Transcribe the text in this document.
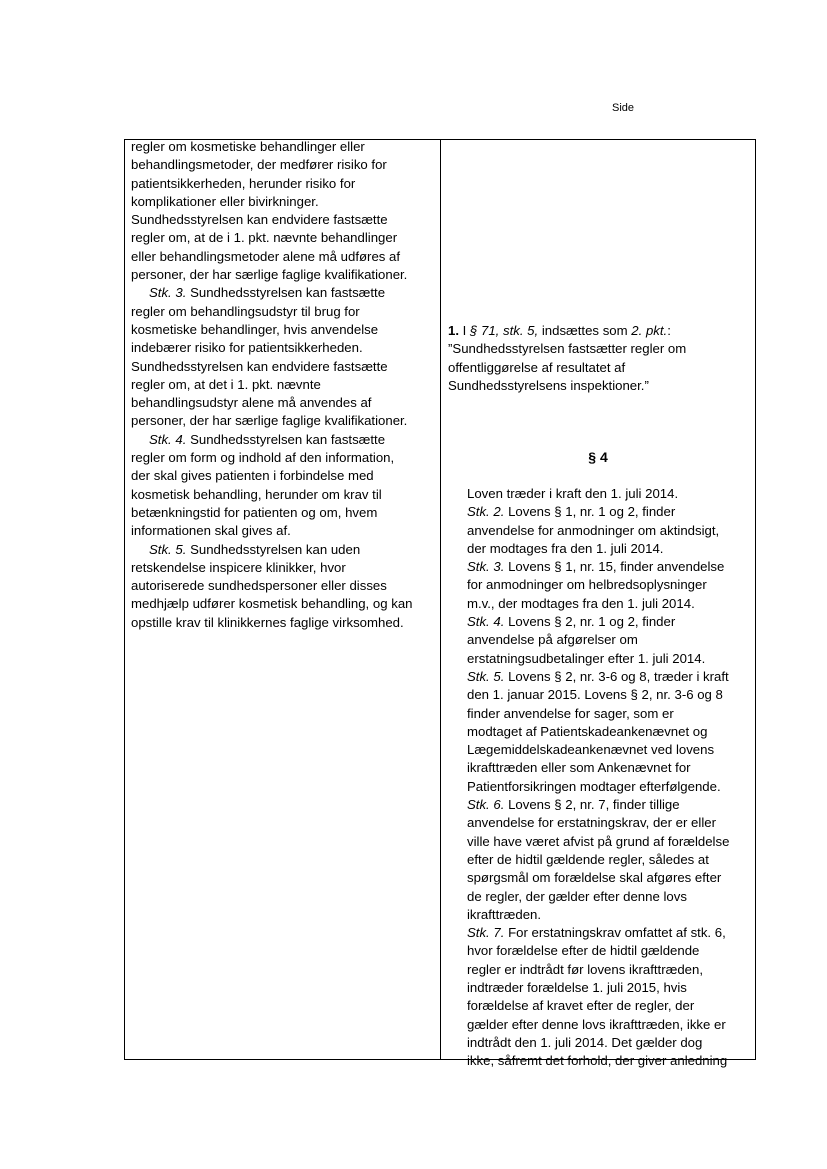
Side
regler om kosmetiske behandlinger eller
behandlingsmetoder, der medfører risiko for
patientsikkerheden, herunder risiko for
komplikationer eller bivirkninger.
Sundhedsstyrelsen kan endvidere fastsætte
regler om, at de i 1. pkt. nævnte behandlinger
eller behandlingsmetoder alene må udføres af
personer, der har særlige faglige kvalifikationer.
Stk. 3. Sundhedsstyrelsen kan fastsætte
regler om behandlingsudstyr til brug for
kosmetiske behandlinger, hvis anvendelse
indebærer risiko for patientsikkerheden.
Sundhedsstyrelsen kan endvidere fastsætte
regler om, at det i 1. pkt. nævnte
behandlingsudstyr alene må anvendes af
personer, der har særlige faglige kvalifikationer.
Stk. 4. Sundhedsstyrelsen kan fastsætte
regler om form og indhold af den information,
der skal gives patienten i forbindelse med
kosmetisk behandling, herunder om krav til
betænkningstid for patienten og om, hvem
informationen skal gives af.
Stk. 5. Sundhedsstyrelsen kan uden
retskendelse inspicere klinikker, hvor
autoriserede sundhedspersoner eller disses
medhjælp udfører kosmetisk behandling, og kan
opstille krav til klinikkernes faglige virksomhed.
1. I § 71, stk. 5, indsættes som 2. pkt.:
”Sundhedsstyrelsen fastsætter regler om
offentliggørelse af resultatet af
Sundhedsstyrelsens inspektioner.”
§ 4
Loven træder i kraft den 1. juli 2014.
Stk. 2. Lovens § 1, nr. 1 og 2, finder
anvendelse for anmodninger om aktindsigt,
der modtages fra den 1. juli 2014.
Stk. 3. Lovens § 1, nr. 15, finder anvendelse
for anmodninger om helbredsoplysninger
m.v., der modtages fra den 1. juli 2014.
Stk. 4. Lovens § 2, nr. 1 og 2, finder
anvendelse på afgørelser om
erstatningsudbetalinger efter 1. juli 2014.
Stk. 5. Lovens § 2, nr. 3-6 og 8, træder i kraft
den 1. januar 2015. Lovens § 2, nr. 3-6 og 8
finder anvendelse for sager, som er
modtaget af Patientskadeankenævnet og
Lægemiddelskadeankenævnet ved lovens
ikrafttræden eller som Ankenævnet for
Patientforsikringen modtager efterfølgende.
Stk. 6. Lovens § 2, nr. 7, finder tillige
anvendelse for erstatningskrav, der er eller
ville have været afvist på grund af forældelse
efter de hidtil gældende regler, således at
spørgsmål om forældelse skal afgøres efter
de regler, der gælder efter denne lovs
ikrafttræden.
Stk. 7. For erstatningskrav omfattet af stk. 6,
hvor forældelse efter de hidtil gældende
regler er indtrådt før lovens ikrafttræden,
indtræder forældelse 1. juli 2015, hvis
forældelse af kravet efter de regler, der
gælder efter denne lovs ikrafttræden, ikke er
indtrådt den 1. juli 2014. Det gælder dog
ikke, såfremt det forhold, der giver anledning
